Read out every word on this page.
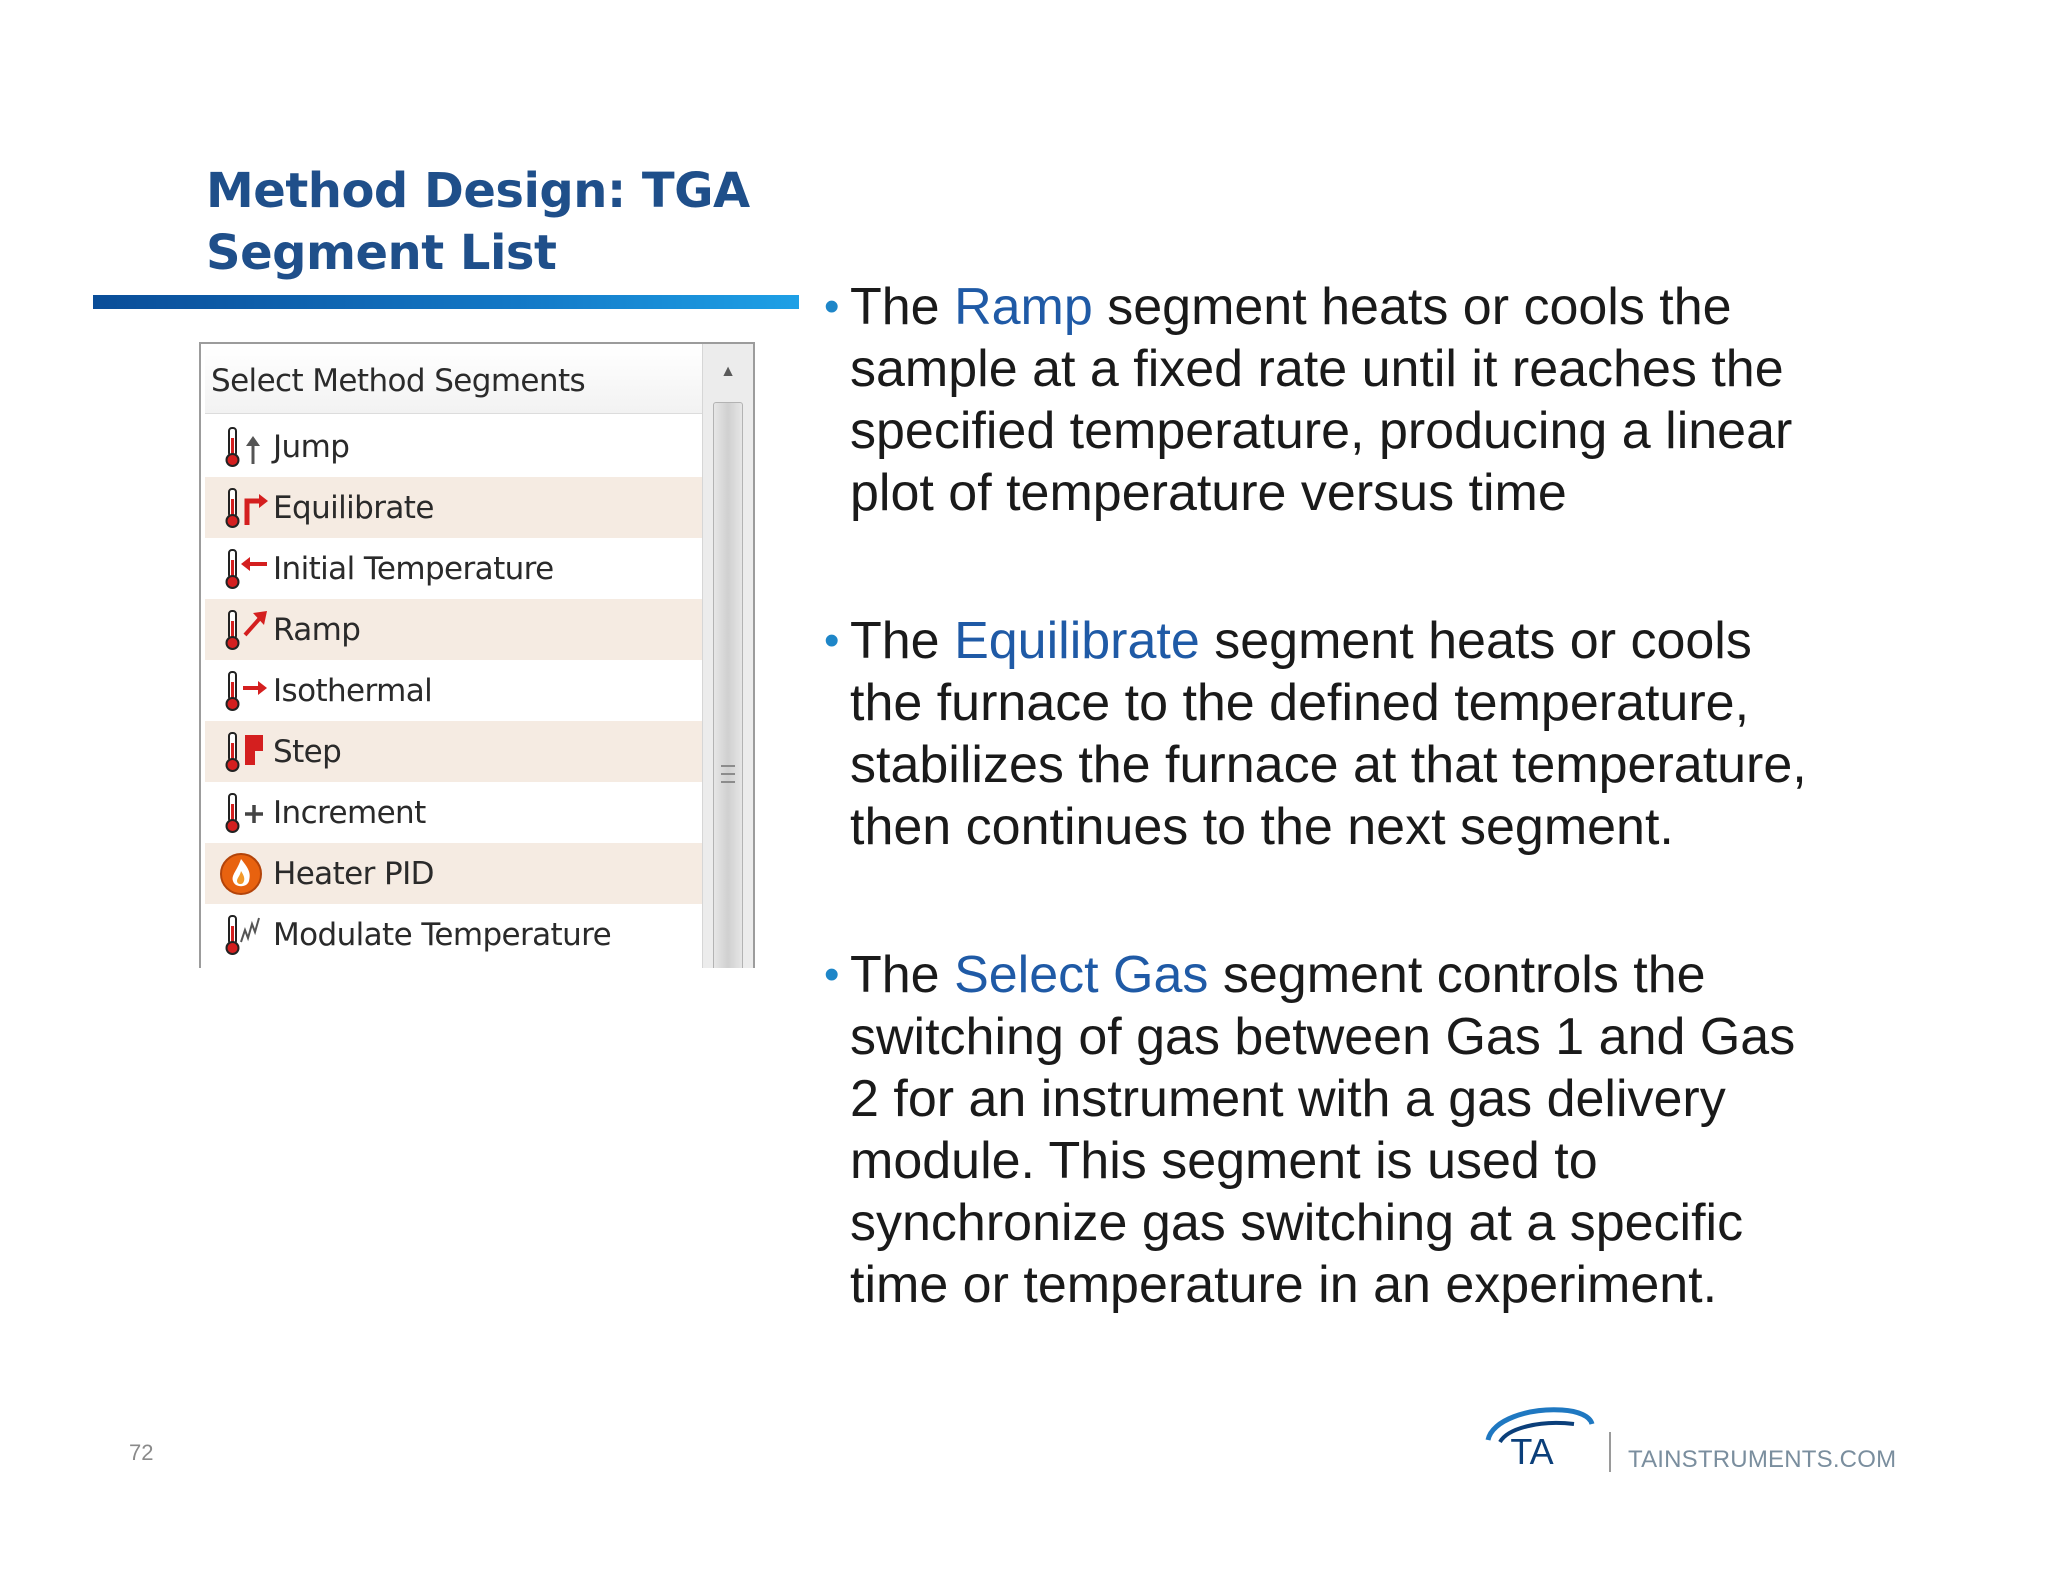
Method Design: TGA
Segment List
Select Method Segments
Jump
Equilibrate
Initial Temperature
Ramp
Isothermal
Step
Increment
Heater PID
Modulate Temperature
▲
• The Ramp segment heats or cools the sample at a fixed rate until it reaches the specified temperature, producing a linear plot of temperature versus time
• The Equilibrate segment heats or cools the furnace to the defined temperature, stabilizes the furnace at that temperature, then continues to the next segment.
• The Select Gas segment controls the switching of gas between Gas 1 and Gas 2 for an instrument with a gas delivery module. This segment is used to synchronize gas switching at a specific time or temperature in an experiment.
72	TA	TAINSTRUMENTS.COM
